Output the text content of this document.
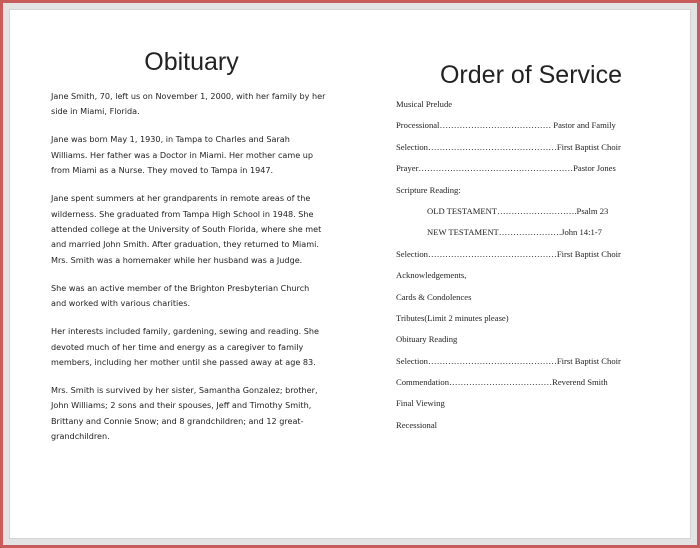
Obituary

Jane Smith, 70, left us on November 1, 2000, with her family by her side in Miami, Florida.

Jane was born May 1, 1930, in Tampa to Charles and Sarah Williams. Her father was a Doctor in Miami. Her mother came up from Miami as a Nurse. They moved to Tampa in 1947.

Jane spent summers at her grandparents in remote areas of the wilderness. She graduated from Tampa High School in 1948. She attended college at the University of South Florida, where she met and married John Smith. After graduation, they returned to Miami. Mrs. Smith was a homemaker while her husband was a Judge.

She was an active member of the Brighton Presbyterian Church and worked with various charities.

Her interests included family, gardening, sewing and reading. She devoted much of her time and energy as a caregiver to family members, including her mother until she passed away at age 83.

Mrs. Smith is survived by her sister, Samantha Gonzalez; brother, John Williams; 2 sons and their spouses, Jeff and Timothy Smith, Brittany and Connie Snow; and 8 grandchildren; and 12 great-grandchildren.

Order of Service
Musical Prelude
Processional………………………………… Pastor and Family
Selection………………………………………First Baptist Choir
Prayer………………………………………………Pastor Jones
Scripture Reading:
OLD TESTAMENT……………………….Psalm 23
NEW TESTAMENT………………….John 14:1-7
Selection………………………………………First Baptist Choir
Acknowledgements,
Cards & Condolences
Tributes(Limit 2 minutes please)
Obituary Reading
Selection………………………………………First Baptist Choir
Commendation………………………………Reverend Smith
Final Viewing
Recessional
